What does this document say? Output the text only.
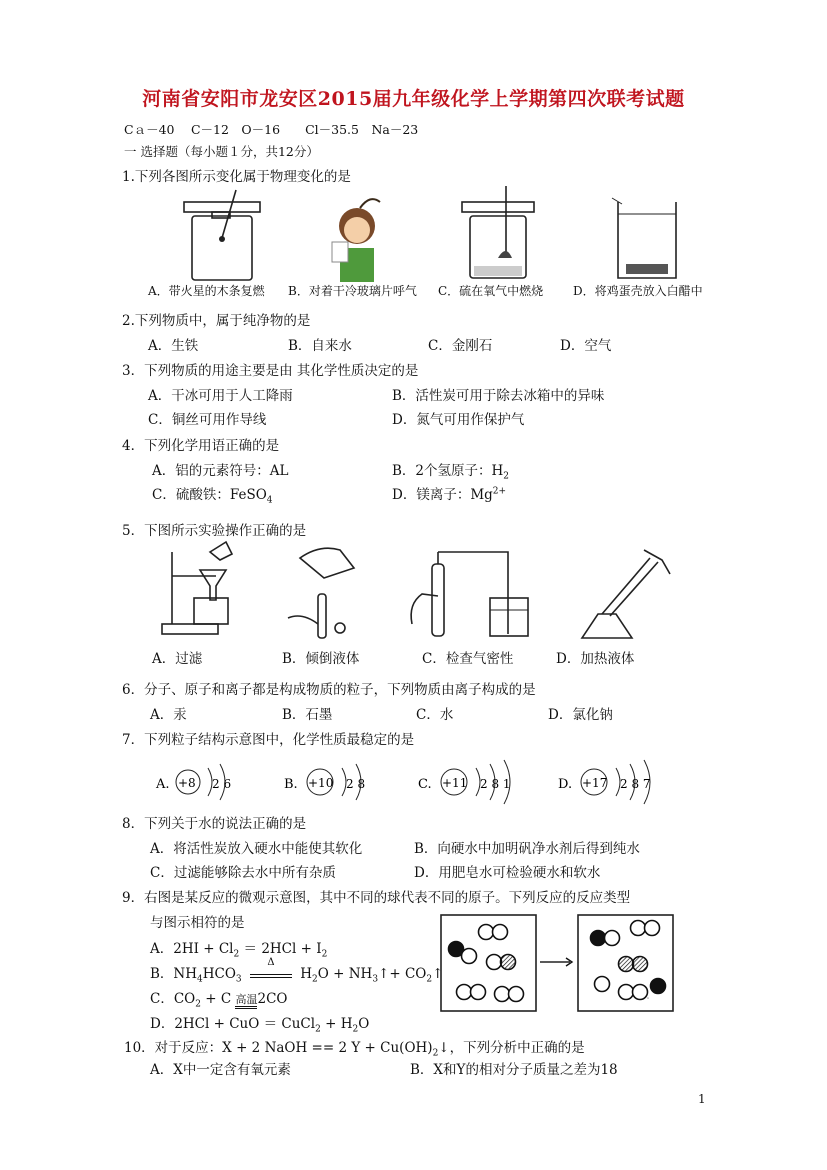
河南省安阳市龙安区2015届九年级化学上学期第四次联考试题
Cａ－40　 C－12　O－16　　Cl－35.5　Na－23
一 选择题（每小题１分，共12分）
1.下列各图所示变化属于物理变化的是
A．带火星的木条复燃 B．对着干冷玻璃片呼气 C．硫在氧气中燃烧 D．将鸡蛋壳放入白醋中
2.下列物质中，属于纯净物的是
A．生铁	B．自来水	C．金刚石	D．空气
3．下列物质的用途主要是由 其化学性质决定的是
A．干冰可用于人工降雨	B．活性炭可用于除去冰箱中的异味
C．铜丝可用作导线	D．氮气可用作保护气
4．下列化学用语正确的是
A．铝的元素符号：AL	B．2个氢原子：$H_2$
C．硫酸铁：FeSO$_4$	D．镁离子：$Mg^{2+}$
5．下图所示实验操作正确的是
A．过滤	B．倾倒液体	C．检查气密性	D．加热液体
6．分子、原子和离子都是构成物质的粒子，下列物质由离子构成的是
A．汞	B．石墨	C．水	D．氯化钠
7．下列粒子结构示意图中，化学性质最稳定的是
A. +8 2 6	B. +10 2 8	C. +11 2 8 1	D. +17 2 8 7
8．下列关于水的说法正确的是
A．将活性炭放入硬水中能使其软化	B．向硬水中加明矾净水剂后得到纯水
C．过滤能够除去水中所有杂质	D．用肥皂水可检验硬水和软水
9．右图是某反应的微观示意图，其中不同的球代表不同的原子。下列反应的反应类型
与图示相符的是
A．$2HI + Cl_2 = 2HCl + I_2$
B．$NH_4HCO_3$
Δ
$H_2O$ + $NH_3↑+$ $CO_2↑$
C．$CO_2 + C$ 高温2CO
D．2HCl + CuO ＝ CuCl$_2$ + $H_2O$
10．对于反应：X + 2 NaOH == 2 $Y + Cu(OH)_2↓$，下列分析中正确的是
A．X中一定含有氧元素	B．X和Y的相对分子质量之差为18
1
